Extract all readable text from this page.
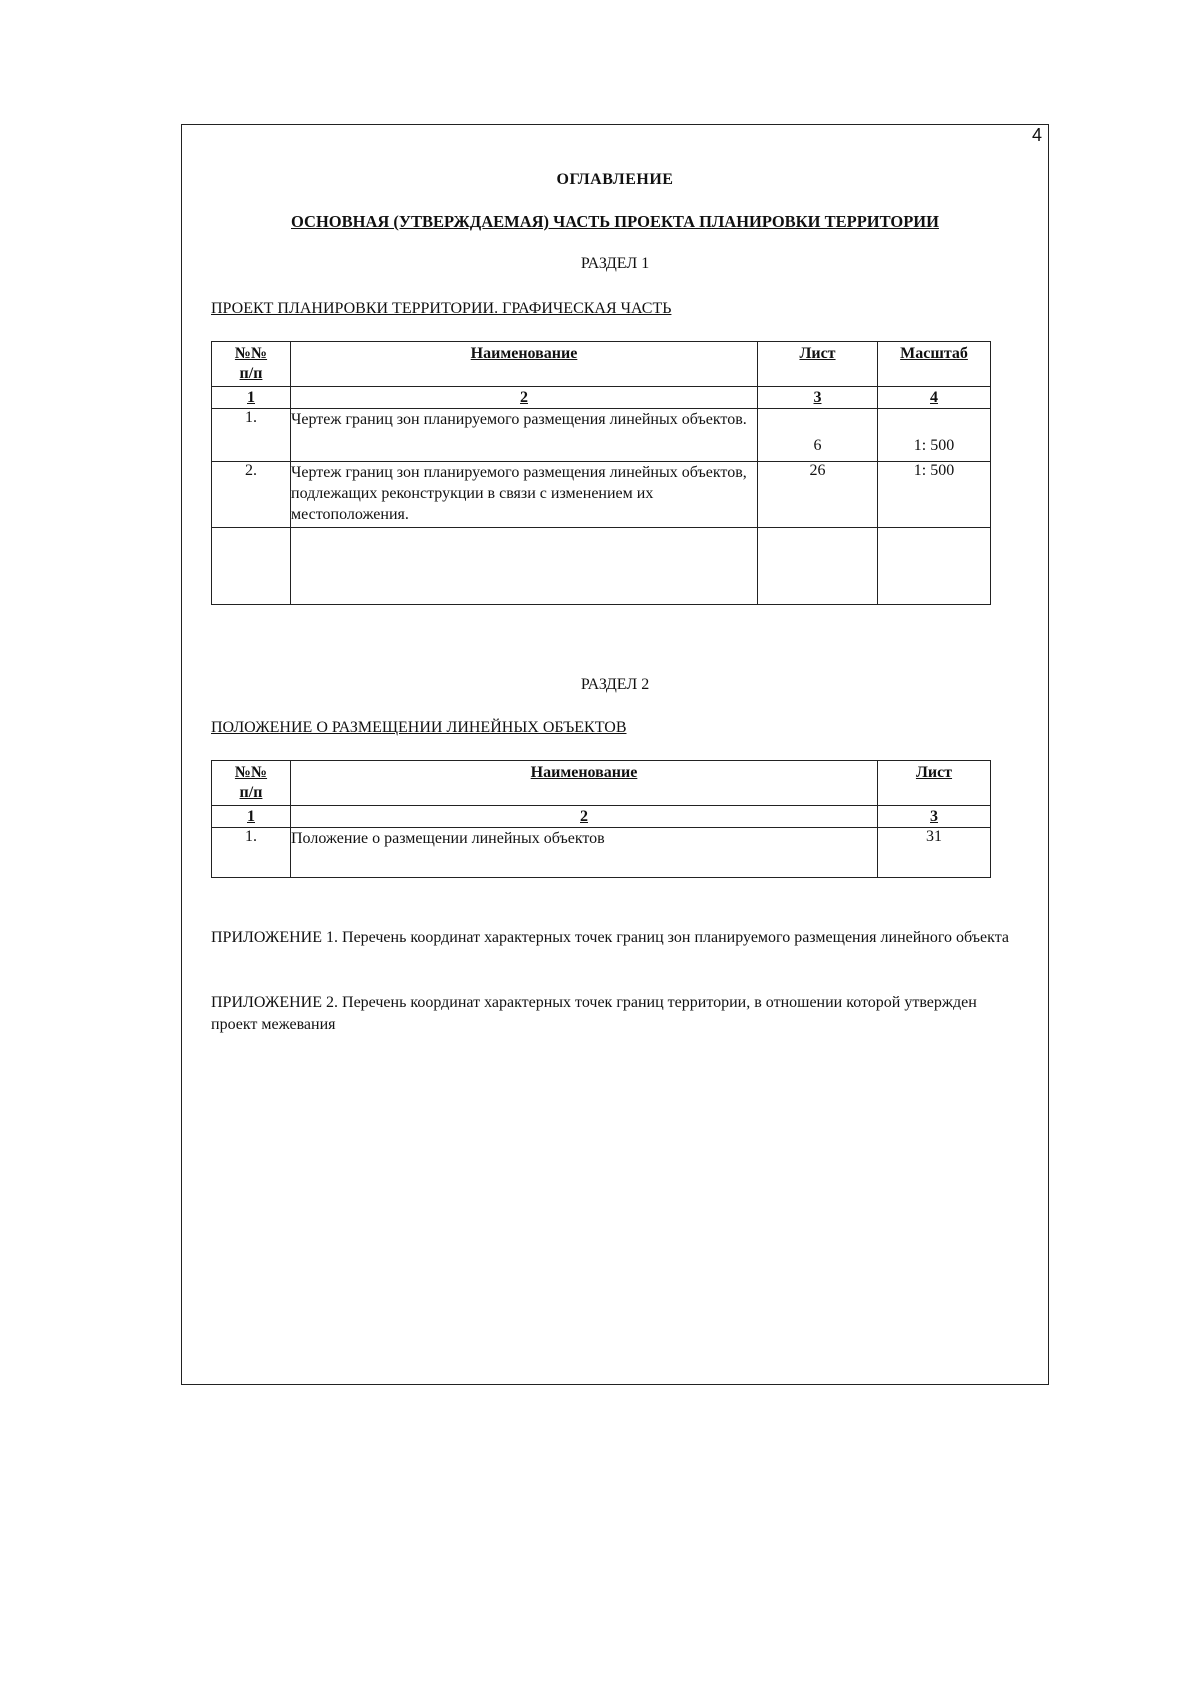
4
ОГЛАВЛЕНИЕ
ОСНОВНАЯ (УТВЕРЖДАЕМАЯ) ЧАСТЬ ПРОЕКТА ПЛАНИРОВКИ ТЕРРИТОРИИ
РАЗДЕЛ 1
ПРОЕКТ ПЛАНИРОВКИ ТЕРРИТОРИИ. ГРАФИЧЕСКАЯ ЧАСТЬ
№№
п/п	Наименование	Лист	Масштаб
1	2	3	4
1.	Чертеж границ зон планируемого размещения линейных объектов.	6	1: 500
2.	Чертеж границ зон планируемого размещения линейных объектов, подлежащих реконструкции в связи с изменением их местоположения.	26	1: 500

РАЗДЕЛ 2
ПОЛОЖЕНИЕ О РАЗМЕЩЕНИИ ЛИНЕЙНЫХ ОБЪЕКТОВ
№№
п/п	Наименование	Лист
1	2	3
1.	Положение о размещении линейных объектов	31
ПРИЛОЖЕНИЕ 1. Перечень координат характерных точек границ зон планируемого размещения линейного объекта
ПРИЛОЖЕНИЕ 2. Перечень координат характерных точек границ территории, в отношении которой утвержден проект межевания
